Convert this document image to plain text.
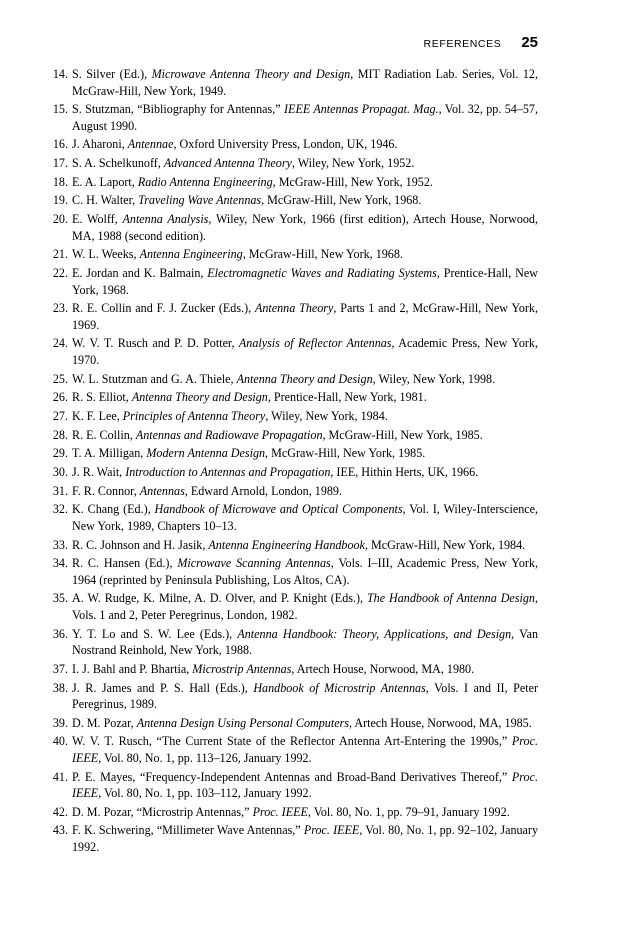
REFERENCES 25
14. S. Silver (Ed.), Microwave Antenna Theory and Design, MIT Radiation Lab. Series, Vol. 12, McGraw-Hill, New York, 1949.
15. S. Stutzman, “Bibliography for Antennas,” IEEE Antennas Propagat. Mag., Vol. 32, pp. 54–57, August 1990.
16. J. Aharoni, Antennae, Oxford University Press, London, UK, 1946.
17. S. A. Schelkunoff, Advanced Antenna Theory, Wiley, New York, 1952.
18. E. A. Laport, Radio Antenna Engineering, McGraw-Hill, New York, 1952.
19. C. H. Walter, Traveling Wave Antennas, McGraw-Hill, New York, 1968.
20. E. Wolff, Antenna Analysis, Wiley, New York, 1966 (first edition), Artech House, Norwood, MA, 1988 (second edition).
21. W. L. Weeks, Antenna Engineering, McGraw-Hill, New York, 1968.
22. E. Jordan and K. Balmain, Electromagnetic Waves and Radiating Systems, Prentice-Hall, New York, 1968.
23. R. E. Collin and F. J. Zucker (Eds.), Antenna Theory, Parts 1 and 2, McGraw-Hill, New York, 1969.
24. W. V. T. Rusch and P. D. Potter, Analysis of Reflector Antennas, Academic Press, New York, 1970.
25. W. L. Stutzman and G. A. Thiele, Antenna Theory and Design, Wiley, New York, 1998.
26. R. S. Elliot, Antenna Theory and Design, Prentice-Hall, New York, 1981.
27. K. F. Lee, Principles of Antenna Theory, Wiley, New York, 1984.
28. R. E. Collin, Antennas and Radiowave Propagation, McGraw-Hill, New York, 1985.
29. T. A. Milligan, Modern Antenna Design, McGraw-Hill, New York, 1985.
30. J. R. Wait, Introduction to Antennas and Propagation, IEE, Hithin Herts, UK, 1966.
31. F. R. Connor, Antennas, Edward Arnold, London, 1989.
32. K. Chang (Ed.), Handbook of Microwave and Optical Components, Vol. I, Wiley-Interscience, New York, 1989, Chapters 10–13.
33. R. C. Johnson and H. Jasik, Antenna Engineering Handbook, McGraw-Hill, New York, 1984.
34. R. C. Hansen (Ed.), Microwave Scanning Antennas, Vols. I–III, Academic Press, New York, 1964 (reprinted by Peninsula Publishing, Los Altos, CA).
35. A. W. Rudge, K. Milne, A. D. Olver, and P. Knight (Eds.), The Handbook of Antenna Design, Vols. 1 and 2, Peter Peregrinus, London, 1982.
36. Y. T. Lo and S. W. Lee (Eds.), Antenna Handbook: Theory, Applications, and Design, Van Nostrand Reinhold, New York, 1988.
37. I. J. Bahl and P. Bhartia, Microstrip Antennas, Artech House, Norwood, MA, 1980.
38. J. R. James and P. S. Hall (Eds.), Handbook of Microstrip Antennas, Vols. I and II, Peter Peregrinus, 1989.
39. D. M. Pozar, Antenna Design Using Personal Computers, Artech House, Norwood, MA, 1985.
40. W. V. T. Rusch, “The Current State of the Reflector Antenna Art-Entering the 1990s,” Proc. IEEE, Vol. 80, No. 1, pp. 113–126, January 1992.
41. P. E. Mayes, “Frequency-Independent Antennas and Broad-Band Derivatives Thereof,” Proc. IEEE, Vol. 80, No. 1, pp. 103–112, January 1992.
42. D. M. Pozar, “Microstrip Antennas,” Proc. IEEE, Vol. 80, No. 1, pp. 79–91, January 1992.
43. F. K. Schwering, “Millimeter Wave Antennas,” Proc. IEEE, Vol. 80, No. 1, pp. 92–102, January 1992.
